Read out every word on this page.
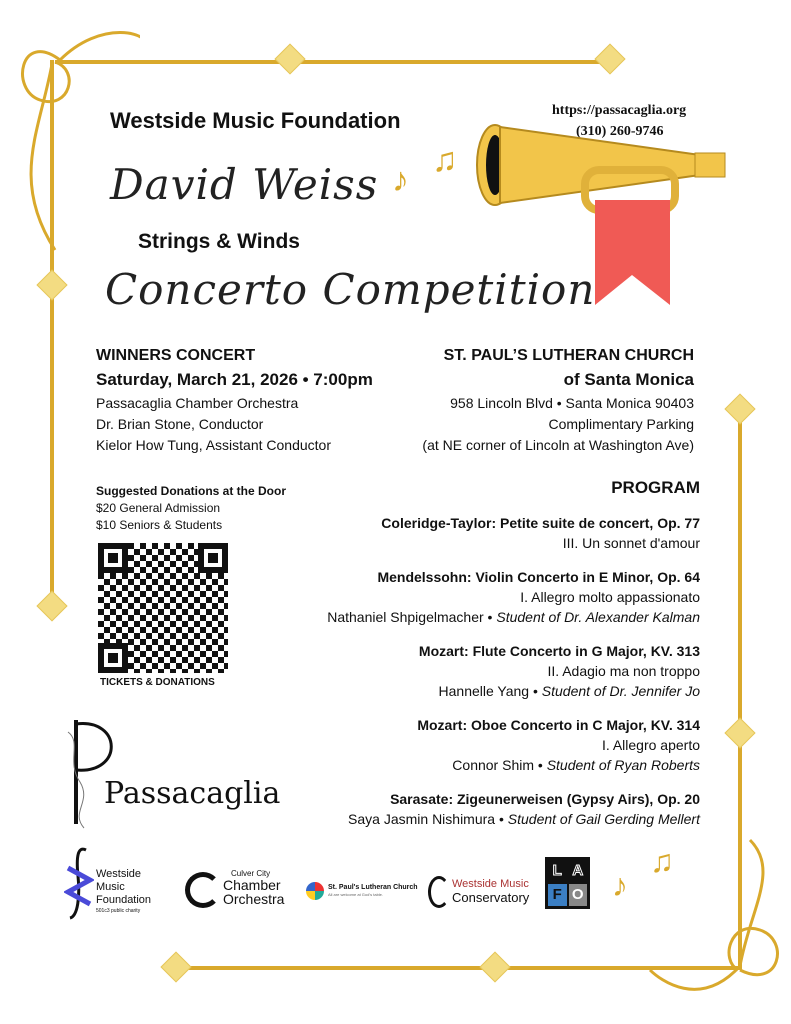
Westside Music Foundation
David Weiss
Strings & Winds
Concerto Competition
https://passacaglia.org
(310) 260-9746
♪
♫
WINNERS CONCERT
Saturday, March 21, 2026 • 7:00pm
Passacaglia Chamber Orchestra
Dr. Brian Stone, Conductor
Kielor How Tung, Assistant Conductor
ST. PAUL’S LUTHERAN CHURCH
of Santa Monica
958 Lincoln Blvd • Santa Monica 90403
Complimentary Parking
(at NE corner of Lincoln at Washington Ave)
Suggested Donations at the Door
$20 General Admission
$10 Seniors & Students
TICKETS & DONATIONS
PROGRAM

Coleridge-Taylor: Petite suite de concert, Op. 77

III. Un sonnet d'amour

Mendelssohn: Violin Concerto in E Minor, Op. 64

I. Allegro molto appassionato

Nathaniel Shpigelmacher • Student of Dr. Alexander Kalman

Mozart: Flute Concerto in G Major, KV. 313

II. Adagio ma non troppo

Hannelle Yang • Student of Dr. Jennifer Jo

Mozart: Oboe Concerto in C Major, KV. 314

I. Allegro aperto

Connor Shim • Student of Ryan Roberts

Sarasate: Zigeunerweisen (Gypsy Airs), Op. 20

Saya Jasmin Nishimura • Student of Gail Gerding Mellert

Passacaglia
Westside
Music
Foundation
501c3 public charity
Culver City
Chamber
Orchestra
St. Paul's Lutheran Church
All are welcome at God's table.
Westside Music
Conservatory
L A
F O ♪
♫
